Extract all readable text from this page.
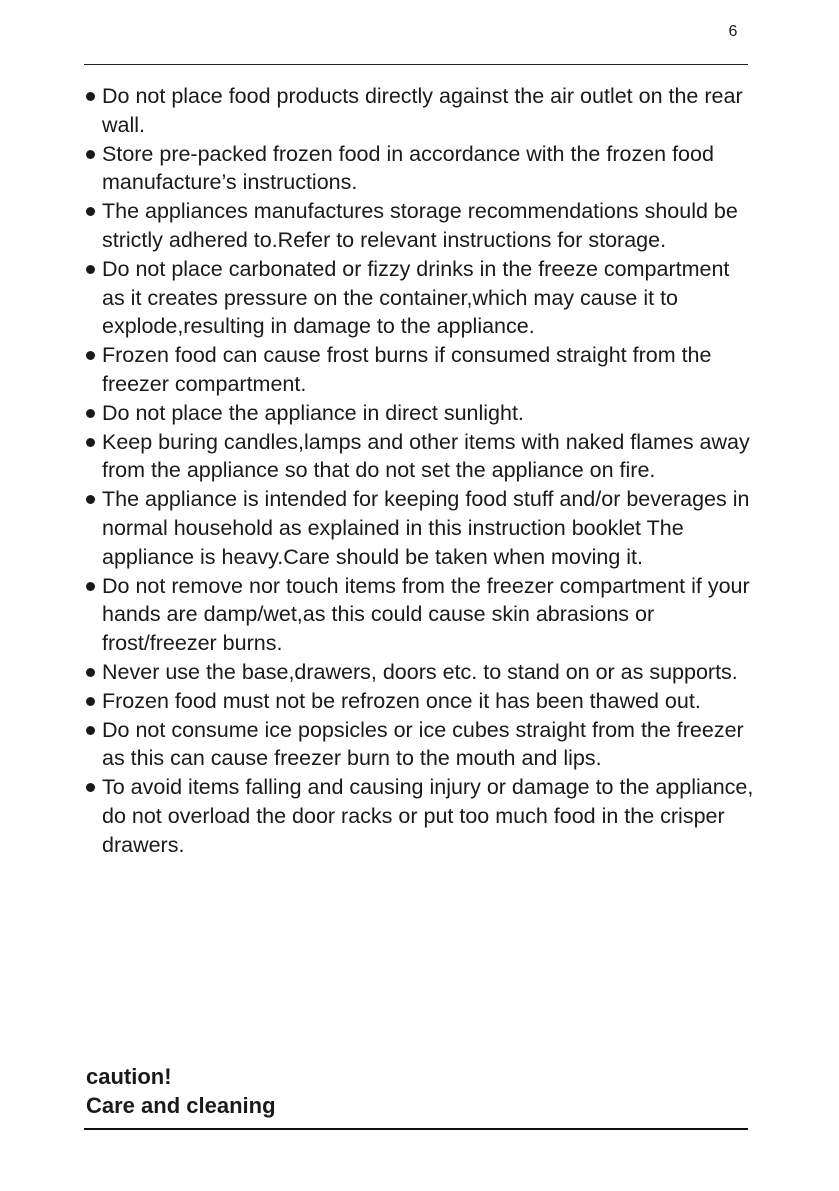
6
Do not place food products directly against the air outlet on the rear wall.
Store pre-packed frozen food in accordance with the frozen food manufacture’s instructions.
The appliances manufactures storage recommendations should be strictly adhered to.Refer to relevant instructions for storage.
Do not place carbonated or fizzy drinks in the freeze compartment as it creates pressure on the container,which may cause it to explode,resulting in damage to the appliance.
Frozen food can cause frost burns if consumed straight from the freezer compartment.
Do not place the appliance in direct sunlight.
Keep buring candles,lamps and other items with naked flames away from the appliance so that do not set the appliance on fire.
The appliance is intended for keeping food stuff and/or beverages in normal household as explained in this instruction booklet The appliance is heavy.Care should be taken when moving it.
Do not remove nor touch items from the freezer compartment if your hands are damp/wet,as this could cause skin abrasions or frost/freezer burns.
Never use the base,drawers, doors etc. to stand on or as supports.
Frozen food must not be refrozen once it has been thawed out.
Do not consume ice popsicles or ice cubes straight from the freezer as this can cause freezer burn to the mouth and lips.
To avoid items falling and causing injury or damage to the appliance, do not overload the door racks or put too much food in the crisper drawers.
caution!
Care and cleaning
